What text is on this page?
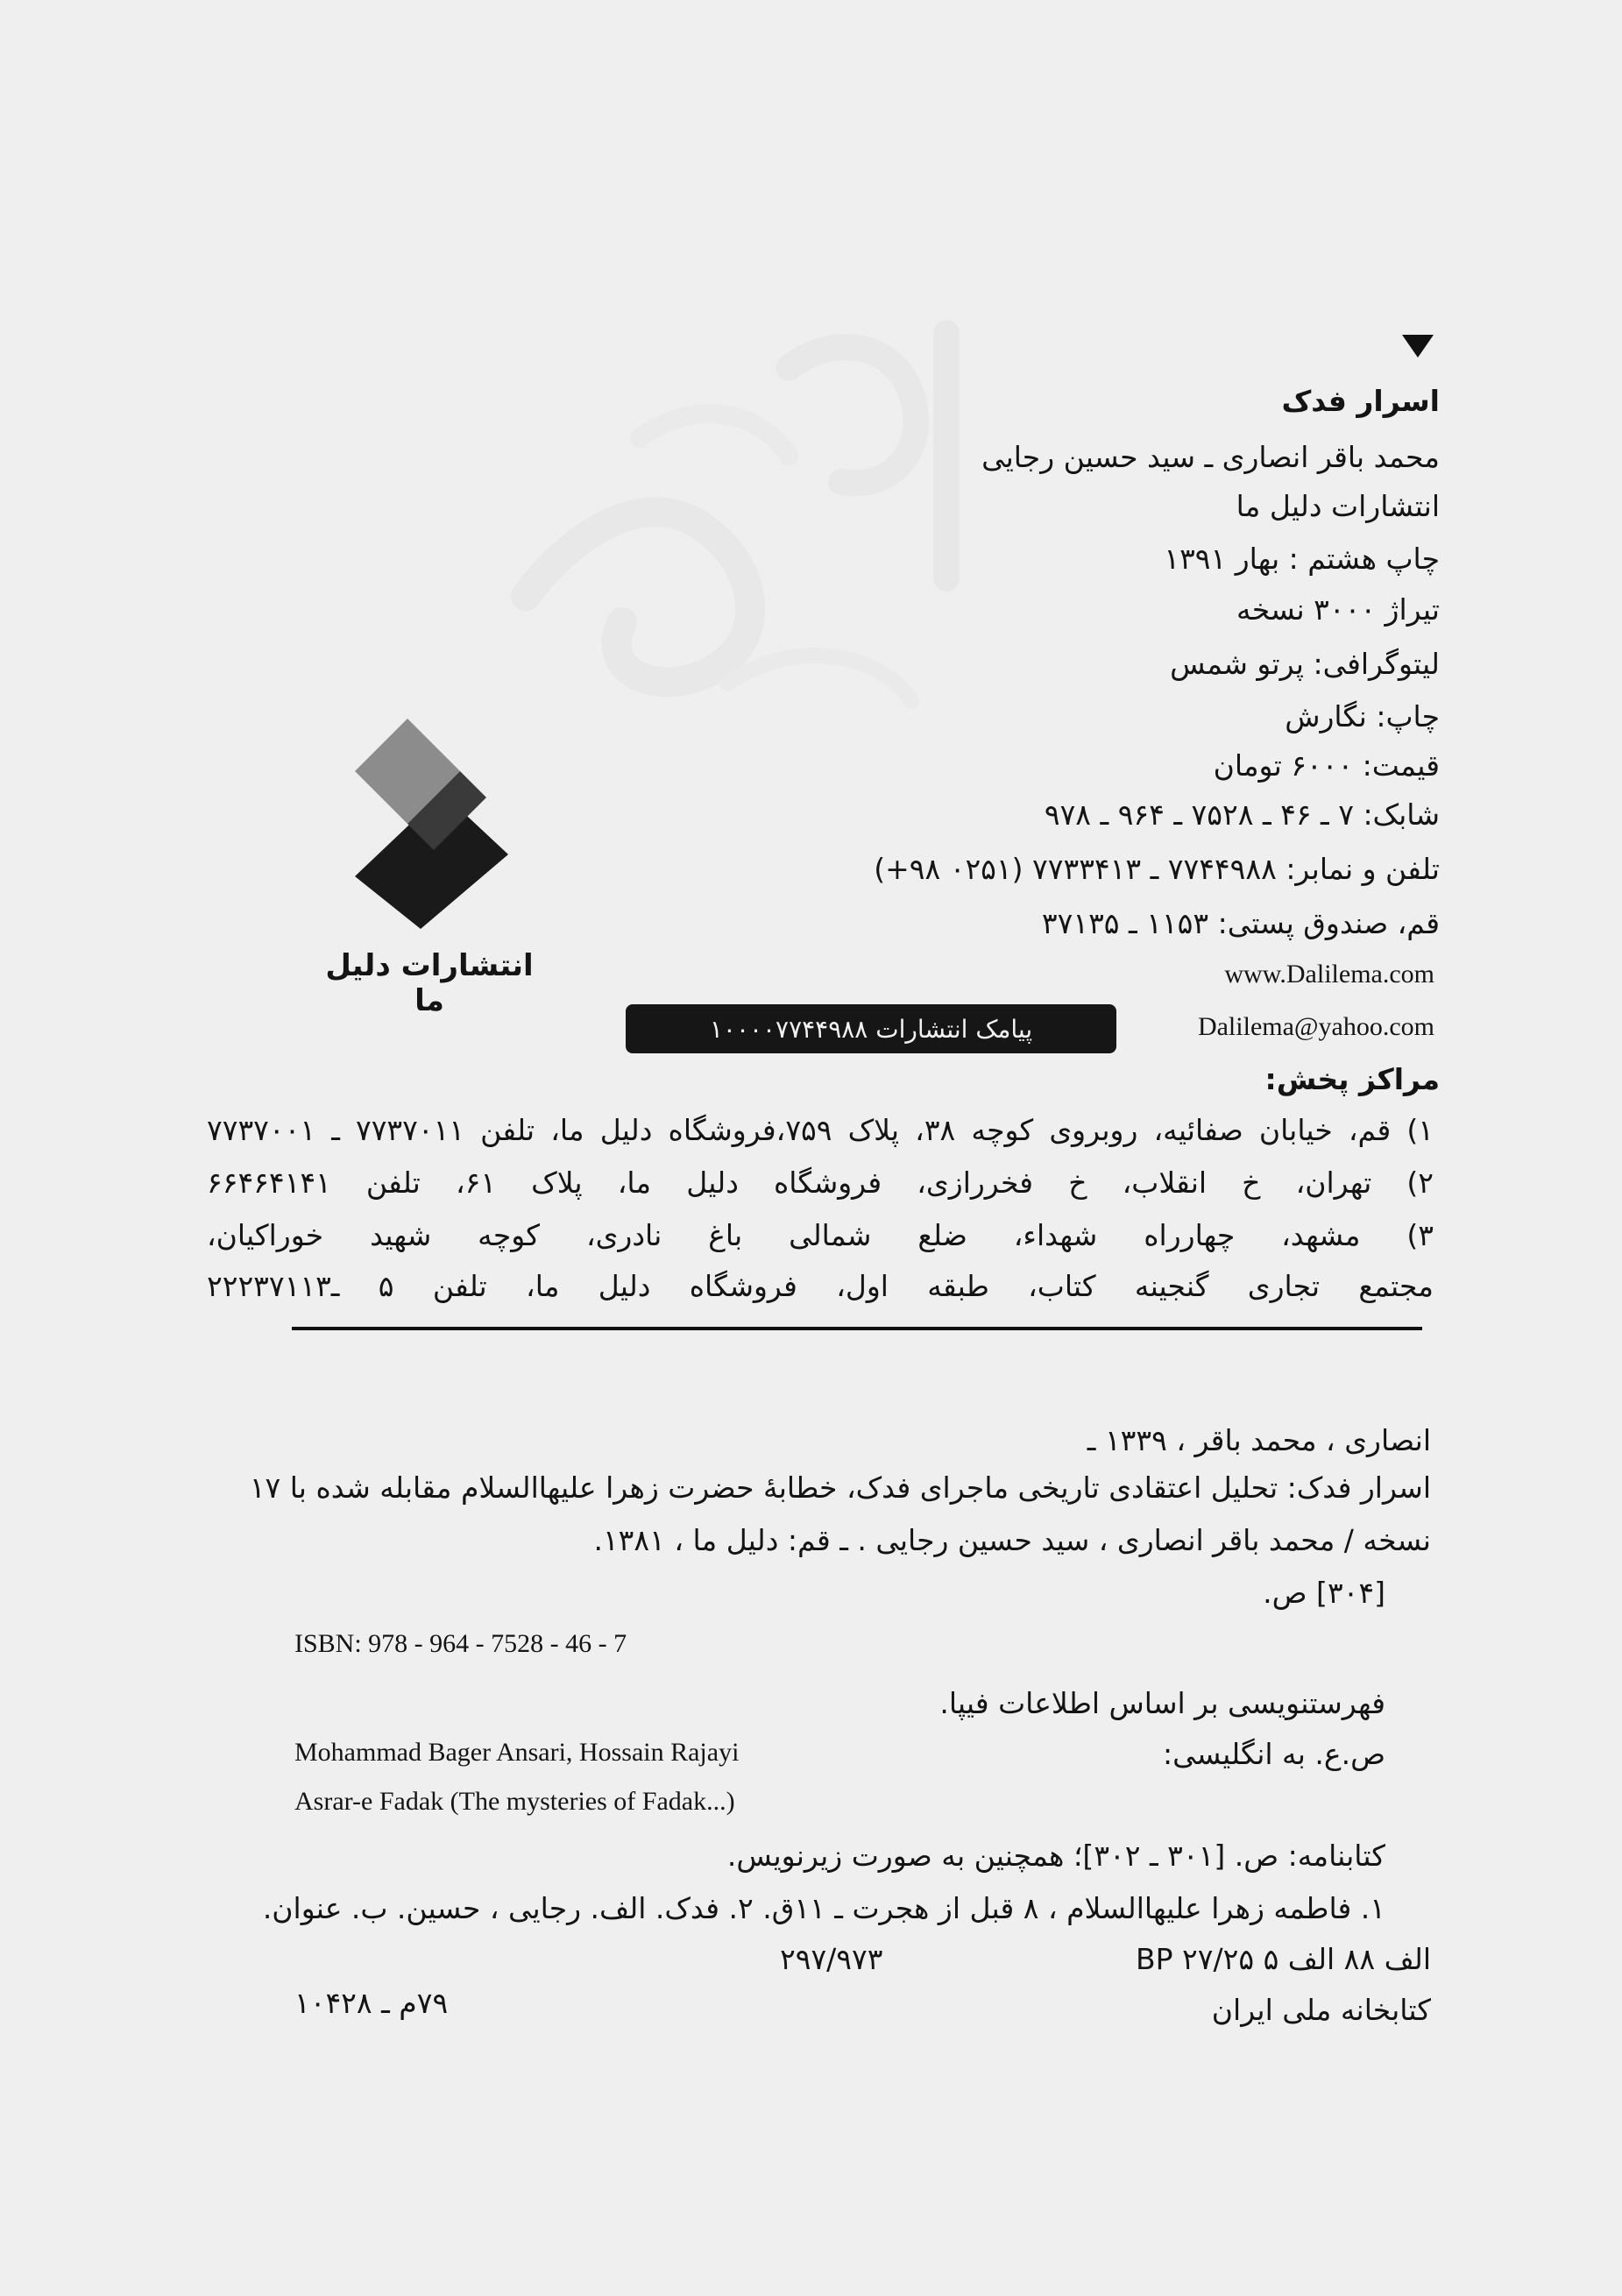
اسرار فدک
محمد باقر انصاری ـ سید حسین رجایی
انتشارات دلیل ما
چاپ هشتم : بهار ۱۳۹۱
تیراژ ۳۰۰۰ نسخه
لیتوگرافی: پرتو شمس
چاپ: نگارش
قیمت: ۶۰۰۰ تومان
شابک: ۷ ـ ۴۶ ـ ۷۵۲۸ ـ ۹۶۴ ـ ۹۷۸
تلفن و نمابر: ۷۷۴۴۹۸۸ ـ ۷۷۳۳۴۱۳ (۰۲۵۱ ۹۸+)
قم، صندوق پستی: ۱۱۵۳ ـ ۳۷۱۳۵
www.Dalilema.com
Dalilema@yahoo.com
انتشارات دلیل ما
پیامک انتشارات ۱۰۰۰۰۷۷۴۴۹۸۸
مراکز پخش:
۱) قم، خیابان صفائیه، روبروی کوچه ۳۸، پلاک ۷۵۹،فروشگاه دلیل ما، تلفن ۷۷۳۷۰۱۱ ـ ۷۷۳۷۰۰۱
۲) تهران، خ انقلاب، خ فخررازی، فروشگاه دلیل ما، پلاک ۶۱، تلفن ۶۶۴۶۴۱۴۱
۳) مشهد، چهارراه شهداء، ضلع شمالی باغ نادری، کوچه شهید خوراکیان،
مجتمع تجاری گنجینه کتاب، طبقه اول، فروشگاه دلیل ما، تلفن ۵ ـ۲۲۲۳۷۱۱۳
انصاری ، محمد باقر ، ۱۳۳۹ ـ
اسرار فدک: تحلیل اعتقادی تاریخی ماجرای فدک، خطابهٔ حضرت زهرا علیهاالسلام مقابله شده با ۱۷
نسخه / محمد باقر انصاری ، سید حسین رجایی . ـ قم: دلیل ما ، ۱۳۸۱.
[۳۰۴] ص.
ISBN: 978 - 964 - 7528 - 46 - 7
فهرستنویسی بر اساس اطلاعات فیپا.
ص.ع. به انگلیسی:
Mohammad Bager Ansari, Hossain Rajayi
Asrar-e Fadak (The mysteries of Fadak...)
کتابنامه: ص. [۳۰۱ ـ ۳۰۲]؛ همچنین به صورت زیرنویس.
۱. فاطمه زهرا علیهاالسلام ، ۸ قبل از هجرت ـ ۱۱ق. ۲. فدک. الف. رجایی ، حسین. ب. عنوان.
BP ۲۷/۲۵ الف ۸۸ الف ۵
۲۹۷/۹۷۳
کتابخانه ملی ایران
۷۹م ـ ۱۰۴۲۸
